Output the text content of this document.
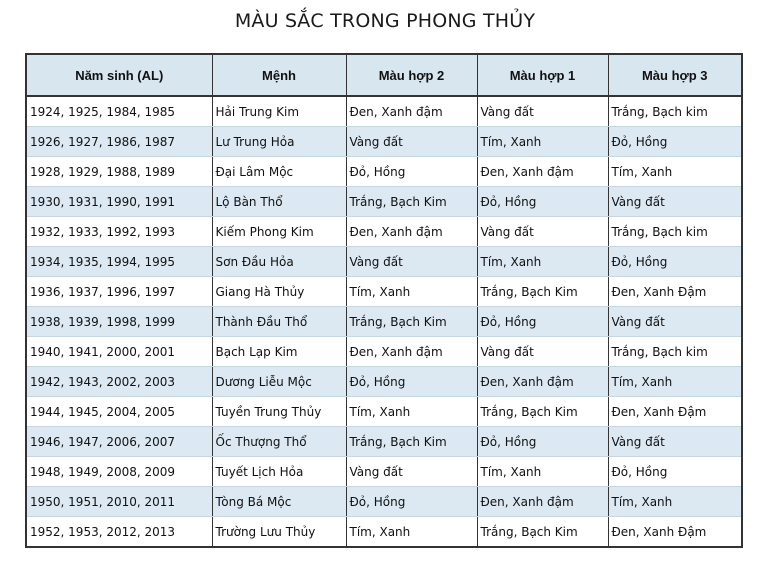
MÀU SẮC TRONG PHONG THỦY
Năm sinh (AL)	Mệnh	Màu hợp 2	Màu hợp 1	Màu hợp 3
1924, 1925, 1984, 1985	Hải Trung Kim	Đen, Xanh đậm	Vàng đất	Trắng, Bạch kim
1926, 1927, 1986, 1987	Lư Trung Hỏa	Vàng đất	Tím, Xanh	Đỏ, Hồng
1928, 1929, 1988, 1989	Đại Lâm Mộc	Đỏ, Hồng	Đen, Xanh đậm	Tím, Xanh
1930, 1931, 1990, 1991	Lộ Bàn Thổ	Trắng, Bạch Kim	Đỏ, Hồng	Vàng đất
1932, 1933, 1992, 1993	Kiếm Phong Kim	Đen, Xanh đậm	Vàng đất	Trắng, Bạch kim
1934, 1935, 1994, 1995	Sơn Đầu Hỏa	Vàng đất	Tím, Xanh	Đỏ, Hồng
1936, 1937, 1996, 1997	Giang Hà Thủy	Tím, Xanh	Trắng, Bạch Kim	Đen, Xanh Đậm
1938, 1939, 1998, 1999	Thành Đầu Thổ	Trắng, Bạch Kim	Đỏ, Hồng	Vàng đất
1940, 1941, 2000, 2001	Bạch Lạp Kim	Đen, Xanh đậm	Vàng đất	Trắng, Bạch kim
1942, 1943, 2002, 2003	Dương Liễu Mộc	Đỏ, Hồng	Đen, Xanh đậm	Tím, Xanh
1944, 1945, 2004, 2005	Tuyền Trung Thủy	Tím, Xanh	Trắng, Bạch Kim	Đen, Xanh Đậm
1946, 1947, 2006, 2007	Ốc Thượng Thổ	Trắng, Bạch Kim	Đỏ, Hồng	Vàng đất
1948, 1949, 2008, 2009	Tuyết Lịch Hỏa	Vàng đất	Tím, Xanh	Đỏ, Hồng
1950, 1951, 2010, 2011	Tòng Bá Mộc	Đỏ, Hồng	Đen, Xanh đậm	Tím, Xanh
1952, 1953, 2012, 2013	Trường Lưu Thủy	Tím, Xanh	Trắng, Bạch Kim	Đen, Xanh Đậm
